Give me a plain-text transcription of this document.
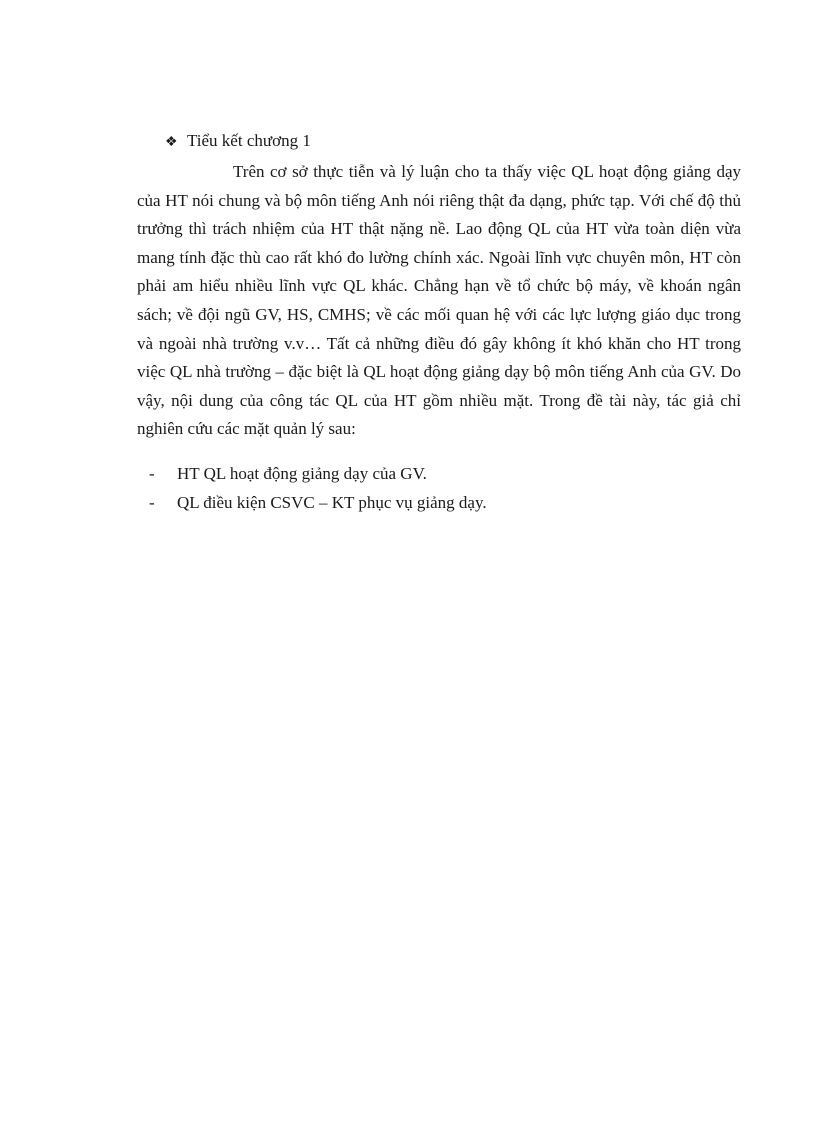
❖ Tiểu kết chương 1

Trên cơ sở thực tiễn và lý luận cho ta thấy việc QL hoạt động giảng dạy của HT nói chung và bộ môn tiếng Anh nói riêng thật đa dạng, phức tạp. Với chế độ thủ trưởng thì trách nhiệm của HT thật nặng nề. Lao động QL của HT vừa toàn diện vừa mang tính đặc thù cao rất khó đo lường chính xác. Ngoài lĩnh vực chuyên môn, HT còn phải am hiểu nhiều lĩnh vực QL khác. Chẳng hạn về tổ chức bộ máy, về khoán ngân sách; về đội ngũ GV, HS, CMHS; về các mối quan hệ với các lực lượng giáo dục trong và ngoài nhà trường v.v… Tất cả những điều đó gây không ít khó khăn cho HT trong việc QL nhà trường – đặc biệt là QL hoạt động giảng dạy bộ môn tiếng Anh của GV. Do vậy, nội dung của công tác QL của HT gồm nhiều mặt. Trong đề tài này, tác giả chỉ nghiên cứu các mặt quản lý sau:

- HT QL hoạt động giảng dạy của GV.
- QL điều kiện CSVC – KT phục vụ giảng dạy.
